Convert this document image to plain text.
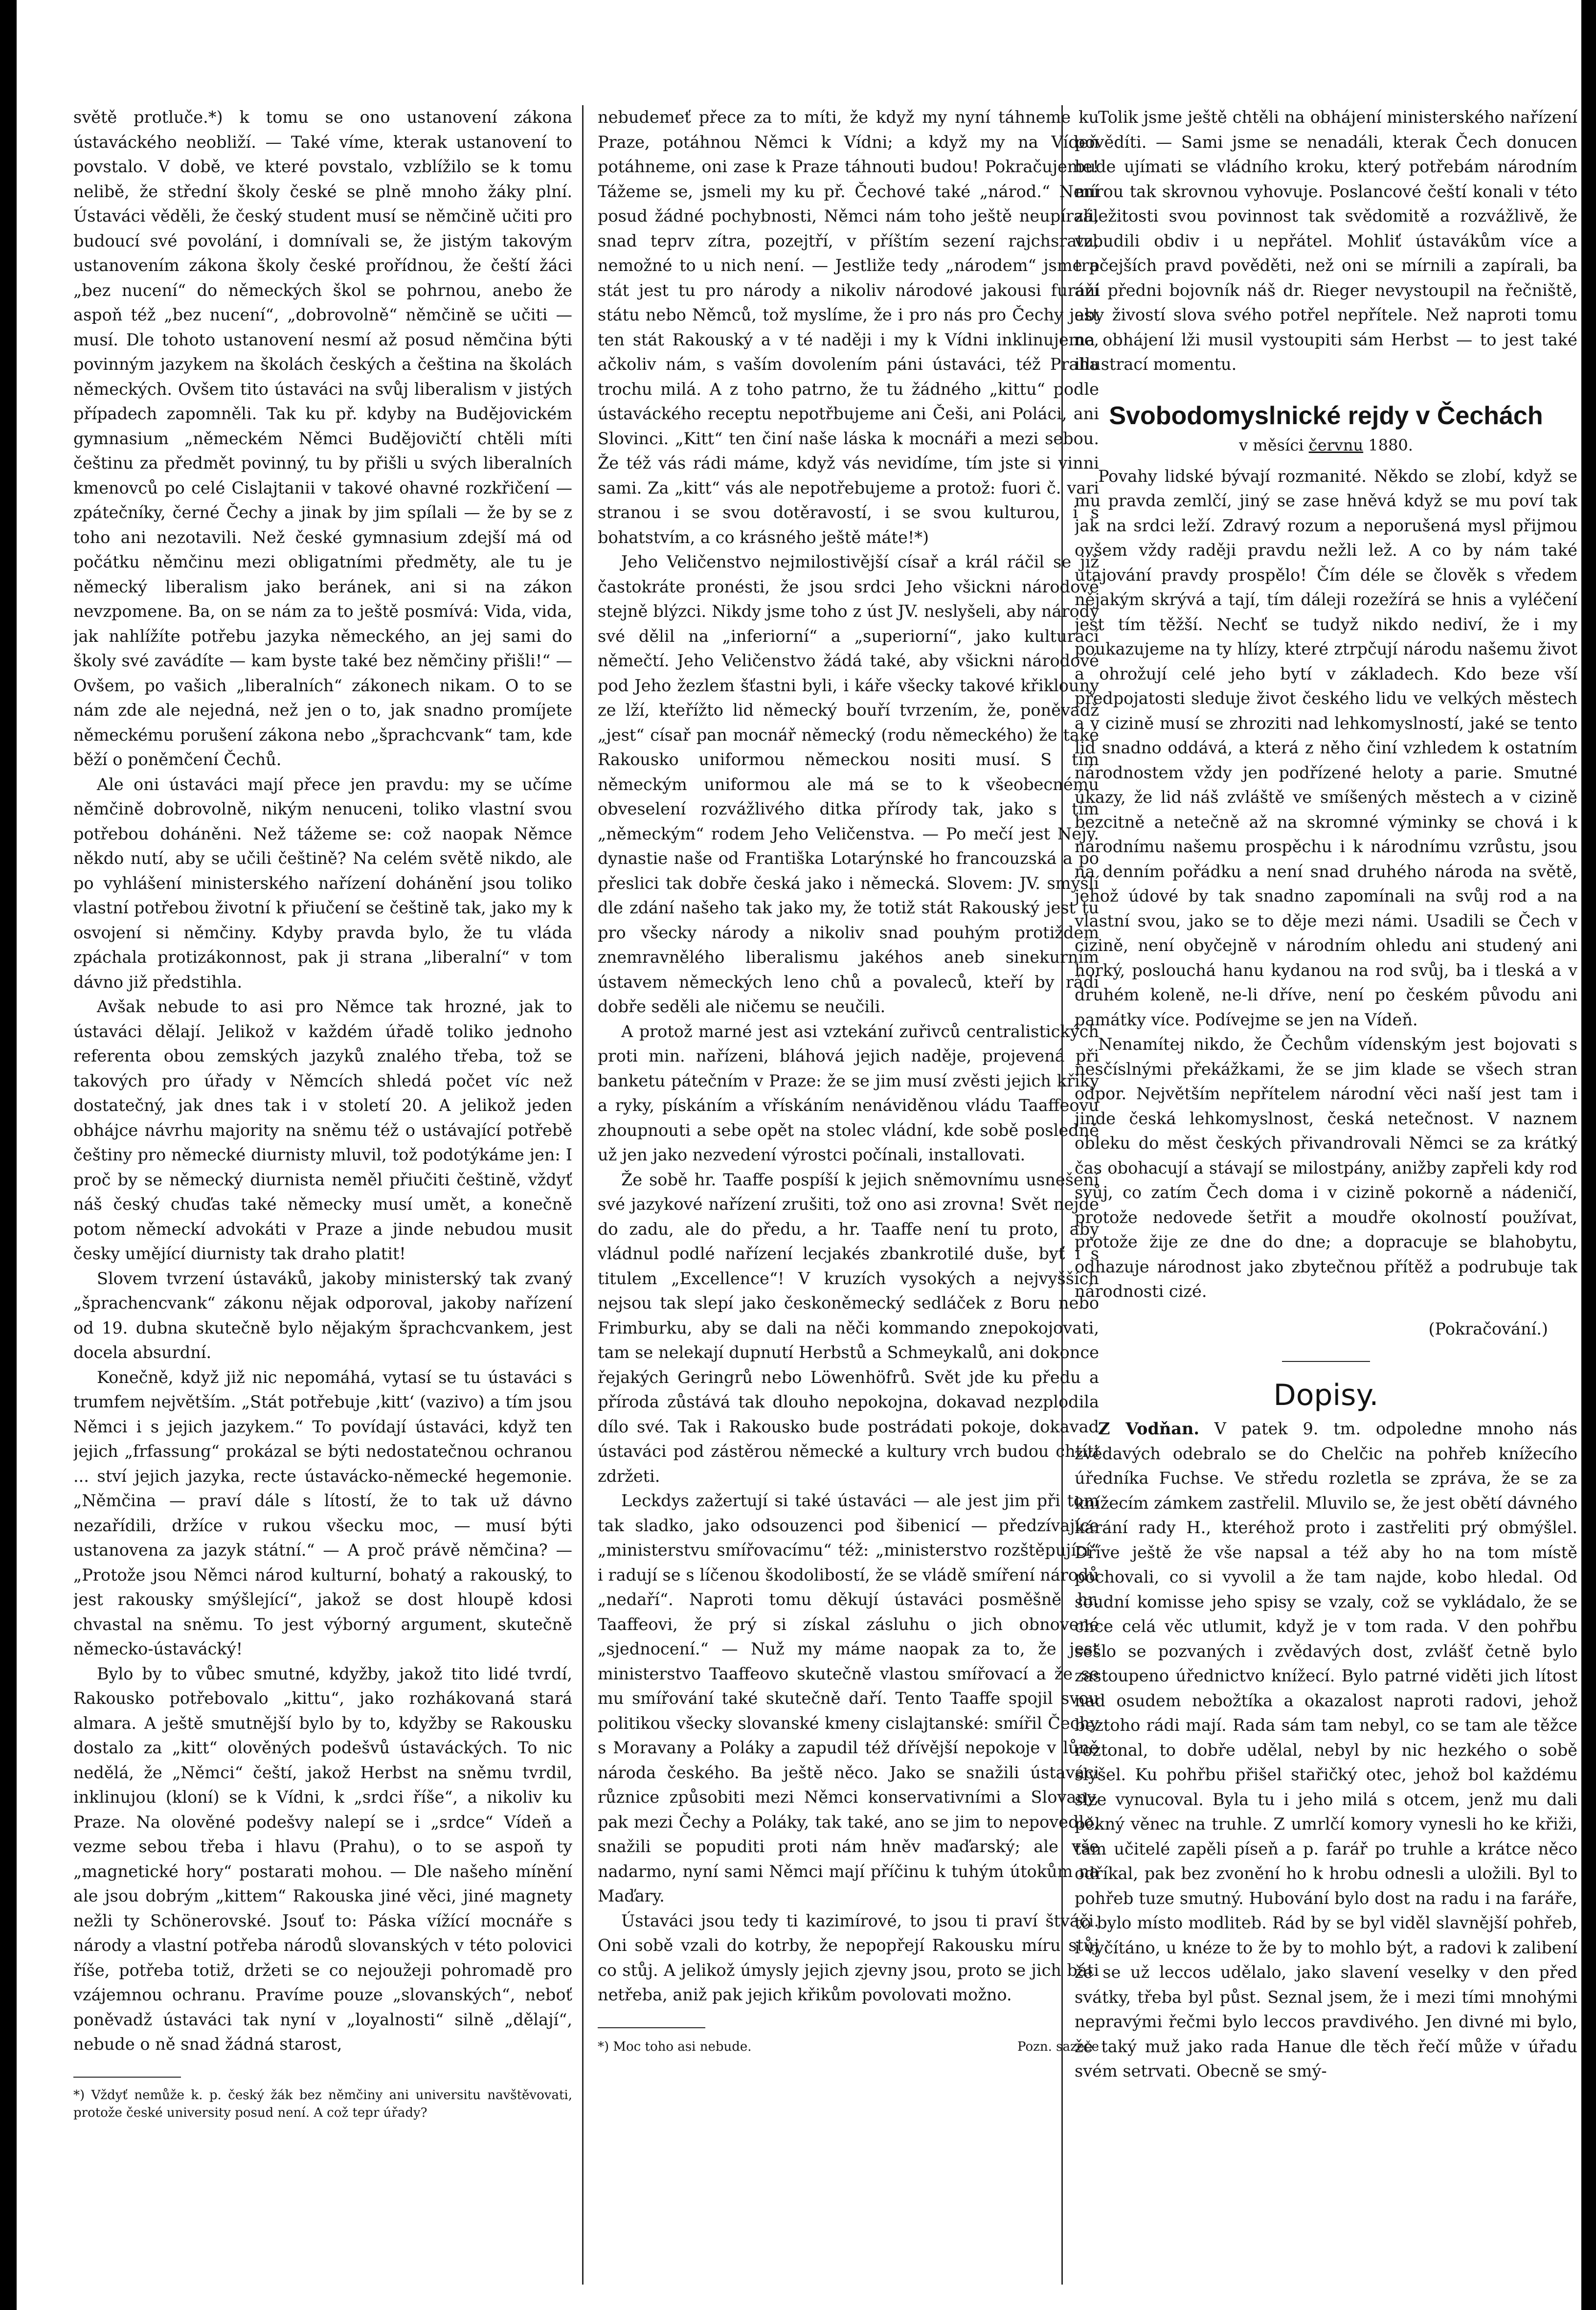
světě protluče.*) k tomu se ono ustanovení zákona ústaváckého neobliží. — Také víme, kterak ustanovení to povstalo. V době, ve které povstalo, vzblížilo se k tomu nelibě, že střední školy české se plně mnoho žáky plní. Ústaváci věděli, že český student musí se němčině učiti pro budoucí své povolání, i domnívali se, že jistým takovým ustanovením zákona školy české prořídnou, že čeští žáci „bez nucení“ do německých škol se pohrnou, anebo že aspoň též „bez nucení“, „dobrovolně“ němčině se učiti — musí. Dle tohoto ustanovení nesmí až posud němčina býti povinným jazykem na školách českých a čeština na školách německých. Ovšem tito ústaváci na svůj liberalism v jistých případech zapomněli. Tak ku př. kdyby na Budějovickém gymnasium „německém Němci Budějovičtí chtěli míti češtinu za předmět povinný, tu by přišli u svých liberalních kmenovců po celé Cislajtanii v takové ohavné rozkřičení — zpátečníky, černé Čechy a jinak by jim spílali — že by se z toho ani nezotavili. Než české gymnasium zdejší má od počátku němčinu mezi obligatními předměty, ale tu je německý liberalism jako beránek, ani si na zákon nevzpomene. Ba, on se nám za to ještě posmívá: Vida, vida, jak nahlížíte potřebu jazyka německého, an jej sami do školy své zavádíte — kam byste také bez němčiny přišli!“ — Ovšem, po vašich „liberalních“ zákonech nikam. O to se nám zde ale nejedná, než jen o to, jak snadno promíjete německému porušení zákona nebo „šprachcvank“ tam, kde běží o poněmčení Čechů.

Ale oni ústaváci mají přece jen pravdu: my se učíme němčině dobrovolně, nikým nenuceni, toliko vlastní svou potřebou doháněni. Než tážeme se: což naopak Němce někdo nutí, aby se učili češtině? Na celém světě nikdo, ale po vyhlášení ministerského nařízení dohánění jsou toliko vlastní potřebou životní k přiučení se češtině tak, jako my k osvojení si němčiny. Kdyby pravda bylo, že tu vláda zpáchala protizákonnost, pak ji strana „liberalní“ v tom dávno již předstihla.

Avšak nebude to asi pro Němce tak hrozné, jak to ústaváci dělají. Jelikož v každém úřadě toliko jednoho referenta obou zemských jazyků znalého třeba, tož se takových pro úřady v Němcích shledá počet víc než dostatečný, jak dnes tak i v století 20. A jelikož jeden obhájce návrhu majority na sněmu též o ustávající potřebě češtiny pro německé diurnisty mluvil, tož podotýkáme jen: I proč by se německý diurnista neměl přiučiti češtině, vždyť náš český chuďas také německy musí umět, a konečně potom německí advokáti v Praze a jinde nebudou musit česky umějící diurnisty tak draho platit!

Slovem tvrzení ústaváků, jakoby ministerský tak zvaný „šprachencvank“ zákonu nějak odporoval, jakoby nařízení od 19. dubna skutečně bylo nějakým šprachcvankem, jest docela absurdní.

Konečně, když již nic nepomáhá, vytasí se tu ústaváci s trumfem největším. „Stát potřebuje ‚kitt‘ (vazivo) a tím jsou Němci i s jejich jazykem.“ To povídají ústaváci, když ten jejich „frfassung“ prokázal se býti nedostatečnou ochranou ... ství jejich jazyka, recte ústavácko-německé hegemonie. „Němčina — praví dále s lítostí, že to tak už dávno nezařídili, držíce v rukou všecku moc, — musí býti ustanovena za jazyk státní.“ — A proč právě němčina? — „Protože jsou Němci národ kulturní, bohatý a rakouský, to jest rakousky smýšlející“, jakož se dost hloupě kdosi chvastal na sněmu. To jest výborný argument, skutečně německo-ústavácký!

Bylo by to vůbec smutné, kdyžby, jakož tito lidé tvrdí, Rakousko potřebovalo „kittu“, jako rozhákovaná stará almara. A ještě smutnější bylo by to, kdyžby se Rakousku dostalo za „kitt“ olověných podešvů ústaváckých. To nic nedělá, že „Němci“ čeští, jakož Herbst na sněmu tvrdil, inklinujou (kloní) se k Vídni, k „srdci říše“, a nikoliv ku Praze. Na olověné podešvy nalepí se i „srdce“ Vídeň a vezme sebou třeba i hlavu (Prahu), o to se aspoň ty „magnetické hory“ postarati mohou. — Dle našeho mínění ale jsou dobrým „kittem“ Rakouska jiné věci, jiné magnety nežli ty Schönerovské. Jsouť to: Páska vížící mocnáře s národy a vlastní potřeba národů slovanských v této polovici říše, potřeba totiž, držeti se co nejoužeji pohromadě pro vzájemnou ochranu. Pravíme pouze „slovanských“, neboť poněvadž ústaváci tak nyní v „loyalnosti“ silně „dělají“, nebude o ně snad žádná starost,

*) Vždyť nemůže k. p. český žák bez němčiny ani universitu navštěvovati, protože české university posud není. A což tepr úřady?

nebudemeť přece za to míti, že když my nyní táhneme ku Praze, potáhnou Němci k Vídni; a když my na Vídeň potáhneme, oni zase k Praze táhnouti budou! Pokračujeme! Tážeme se, jsmeli my ku př. Čechové také „národ.“ Není posud žádné pochybnosti, Němci nám toho ještě neupírali, snad teprv zítra, pozejtří, v příštím sezení rajchsratu, nemožné to u nich není. — Jestliže tedy „národem“ jsme a stát jest tu pro národy a nikoliv národové jakousi furáží státu nebo Němců, tož myslíme, že i pro nás pro Čechy jest ten stát Rakouský a v té naději i my k Vídni inklinujeme, ačkoliv nám, s vaším dovolením páni ústaváci, též Praha trochu milá. A z toho patrno, že tu žádného „kittu“ podle ústaváckého receptu nepotřbujeme ani Češi, ani Poláci, ani Slovinci. „Kitt“ ten činí naše láska k mocnáři a mezi sebou. Že též vás rádi máme, když vás nevidíme, tím jste si vinni sami. Za „kitt“ vás ale nepotřebujeme a protož: fuori č. vari stranou i se svou dotěravostí, i se svou kulturou, i s bohatstvím, a co krásného ještě máte!*)

Jeho Veličenstvo nejmilostivější císař a král ráčil se již častokráte pronésti, že jsou srdci Jeho všickni národové stejně blýzci. Nikdy jsme toho z úst JV. neslyšeli, aby národy své dělil na „inferiorní“ a „superiorní“, jako kulturací němečtí. Jeho Veličenstvo žádá také, aby všickni národové pod Jeho žezlem šťastni byli, i káře všecky takové křiklouny ze lží, kteřížto lid německý bouří tvrzením, že, poněvadž „jest“ císař pan mocnář německý (rodu německého) že také Rakousko uniformou německou nositi musí. S tím německým uniformou ale má se to k všeobecnému obveselení rozvážlivého ditka přírody tak, jako s tím „německým“ rodem Jeho Veličenstva. — Po mečí jest Nejv. dynastie naše od Františka Lotarýnské ho francouzská a po přeslici tak dobře česká jako i německá. Slovem: JV. smýšlí dle zdání našeho tak jako my, že totiž stát Rakouský jest tu pro všecky národy a nikoliv snad pouhým protiždem znemravnělého liberalismu jakéhos aneb sinekurním ústavem německých leno chů a povaleců, kteří by rádi dobře seděli ale ničemu se neučili.

A protož marné jest asi vztekání zuřivců centralistických proti min. nařízeni, bláhová jejich naděje, projevená při banketu pátečním v Praze: že se jim musí zvěsti jejich křiky a ryky, pískáním a vřískáním nenáviděnou vládu Taaffeovu zhoupnouti a sebe opět na stolec vládní, kde sobě posledně už jen jako nezvedení výrostci počínali, installovati.

Že sobě hr. Taaffe pospíší k jejich sněmovnímu usnešení své jazykové nařízení zrušiti, tož ono asi zrovna! Svět nejde do zadu, ale do předu, a hr. Taaffe není tu proto, aby vládnul podlé nařízení lecjakés zbankrotilé duše, byť i s titulem „Excellence“! V kruzích vysokých a nejvyšších nejsou tak slepí jako českoněmecký sedláček z Boru nebo Frimburku, aby se dali na něči kommando znepokojovati, tam se nelekají dupnutí Herbstů a Schmeykalů, ani dokonce řejakých Geringrů nebo Löwenhöfrů. Svět jde ku předu a příroda zůstává tak dlouho nepokojna, dokavad nezplodila dílo své. Tak i Rakousko bude postrádati pokoje, dokavad ústaváci pod zástěrou německé a kultury vrch budou chtíti zdržeti.

Leckdys zažertují si také ústaváci — ale jest jim při tom tak sladko, jako odsouzenci pod šibenicí — předzívajíce „ministerstvu smířovacímu“ též: „ministerstvo rozštěpující“ i radují se s líčenou škodolibostí, že se vládě smíření národů „nedaří“. Naproti tomu děkují ústaváci posměšně hr. Taaffeovi, že prý si získal zásluhu o jich obnovené „sjednocení.“ — Nuž my máme naopak za to, že jest ministerstvo Taaffeovo skutečně vlastou smířovací a že se mu smířování také skutečně daří. Tento Taaffe spojil svou politikou všecky slovanské kmeny cislajtanské: smířil Čechy s Moravany a Poláky a zapudil též dřívější nepokoje v lůně národa českého. Ba ještě něco. Jako se snažili ústaváci různice způsobiti mezi Němci konservativními a Slovany, pak mezi Čechy a Poláky, tak také, ano se jim to nepovedlo, snažili se popuditi proti nám hněv maďarský; ale vše nadarmo, nyní sami Němci mají příčinu k tuhým útokům na Maďary.

Ústaváci jsou tedy ti kazimírové, to jsou ti praví štváči. Oni sobě vzali do kotrby, že nepopřejí Rakousku míru stůj co stůj. A jelikož úmysly jejich zjevny jsou, proto se jich báti netřeba, aniž pak jejich křikům povolovati možno.

*) Moc toho asi nebude.	Pozn. sazeče

Tolik jsme ještě chtěli na obhájení ministerského nařízení povědíti. — Sami jsme se nenadáli, kterak Čech donucen bude ujímati se vládního kroku, který potřebám národním mírou tak skrovnou vyhovuje. Poslancové čeští konali v této záležitosti svou povinnost tak svědomitě a rozvážlivě, že vzbudili obdiv i u nepřátel. Mohliť ústavákům více a trpčejších pravd pověděti, než oni se mírnili a zapírali, ba ani předni bojovník náš dr. Rieger nevystoupil na řečniště, aby živostí slova svého potřel nepřítele. Než naproti tomu na obhájení lži musil vystoupiti sám Herbst — to jest také illustrací momentu.

Svobodomyslnické rejdy v Čechách
v měsíci červnu 1880.

Povahy lidské bývají rozmanité. Někdo se zlobí, když se mu pravda zemlčí, jiný se zase hněvá když se mu poví tak jak na srdci leží. Zdravý rozum a neporušená mysl přijmou ovšem vždy raději pravdu nežli lež. A co by nám také utajování pravdy prospělo! Čím déle se člověk s vředem nějakým skrývá a tají, tím dáleji rozežírá se hnis a vyléčení jest tím těžší. Nechť se tudyž nikdo nediví, že i my poukazujeme na ty hlízy, které ztrpčují národu našemu život a ohrožují celé jeho bytí v základech. Kdo beze vší předpojatosti sleduje život českého lidu ve velkých městech a v cizině musí se zhroziti nad lehkomyslností, jaké se tento lid snadno oddává, a která z něho činí vzhledem k ostatním národnostem vždy jen podřízené heloty a parie. Smutné úkazy, že lid náš zvláště ve smíšených městech a v cizině bezcitně a netečně až na skromné výminky se chová i k národnímu našemu prospěchu i k národnímu vzrůstu, jsou na denním pořádku a není snad druhého národa na světě, jehož údové by tak snadno zapomínali na svůj rod a na vlastní svou, jako se to děje mezi námi. Usadili se Čech v cizině, není obyčejně v národním ohledu ani studený ani horký, poslouchá hanu kydanou na rod svůj, ba i tleská a v druhém koleně, ne-li dříve, není po českém původu ani památky více. Podívejme se jen na Vídeň.

Nenamítej nikdo, že Čechům vídenským jest bojovati s nesčíslnými překážkami, že se jim klade se všech stran odpor. Největším nepřítelem národní věci naší jest tam i jinde česká lehkomyslnost, česká netečnost. V naznem obleku do měst českých přivandrovali Němci se za krátký čas obohacují a stávají se milostpány, anižby zapřeli kdy rod svůj, co zatím Čech doma i v cizině pokorně a nádeničí, protože nedovede šetřit a moudře okolností používat, protože žije ze dne do dne; a dopracuje se blahobytu, odhazuje národnost jako zbytečnou přítěž a podrubuje tak národnosti cizé.

(Pokračování.)
Dopisy.

Z Vodňan. V patek 9. tm. odpoledne mnoho nás zvědavých odebralo se do Chelčic na pohřeb knížecího úředníka Fuchse. Ve středu rozletla se zpráva, že se za knížecím zámkem zastřelil. Mluvilo se, že jest obětí dávného kárání rady H., kteréhož proto i zastřeliti prý obmýšlel. Dříve ještě že vše napsal a též aby ho na tom místě pochovali, co si vyvolil a že tam najde, kobo hledal. Od soudní komisse jeho spisy se vzaly, což se vykládalo, že se chce celá věc utlumit, když je v tom rada. V den pohřbu sešlo se pozvaných i zvědavých dost, zvlášť četně bylo zastoupeno úřednictvo knížecí. Bylo patrné viděti jich lítost nad osudem nebožtíka a okazalost naproti radovi, jehož beztoho rádi mají. Rada sám tam nebyl, co se tam ale těžce roztonal, to dobře udělal, nebyl by nic hezkého o sobě slyšel. Ku pohřbu přišel stařičký otec, jehož bol každému slze vynucoval. Byla tu i jeho milá s otcem, jenž mu dali pěkný věnec na truhle. Z umrlčí komory vynesli ho ke křiži, tam učitelé zapěli píseň a p. farář po truhle a krátce něco odříkal, pak bez zvonění ho k hrobu odnesli a uložili. Byl to pohřeb tuze smutný. Hubování bylo dost na radu i na faráře, to bylo místo modliteb. Rád by se byl viděl slavnější pohřeb, i vyčítáno, u knéze to že by to mohlo být, a radovi k zalibení že se už leccos udělalo, jako slavení veselky v den před svátky, třeba byl půst. Seznal jsem, že i mezi tími mnohými nepravými řečmi bylo leccos pravdivého. Jen divné mi bylo, že taký muž jako rada Hanue dle těch řečí může v úřadu svém setrvati. Obecně se smý-
